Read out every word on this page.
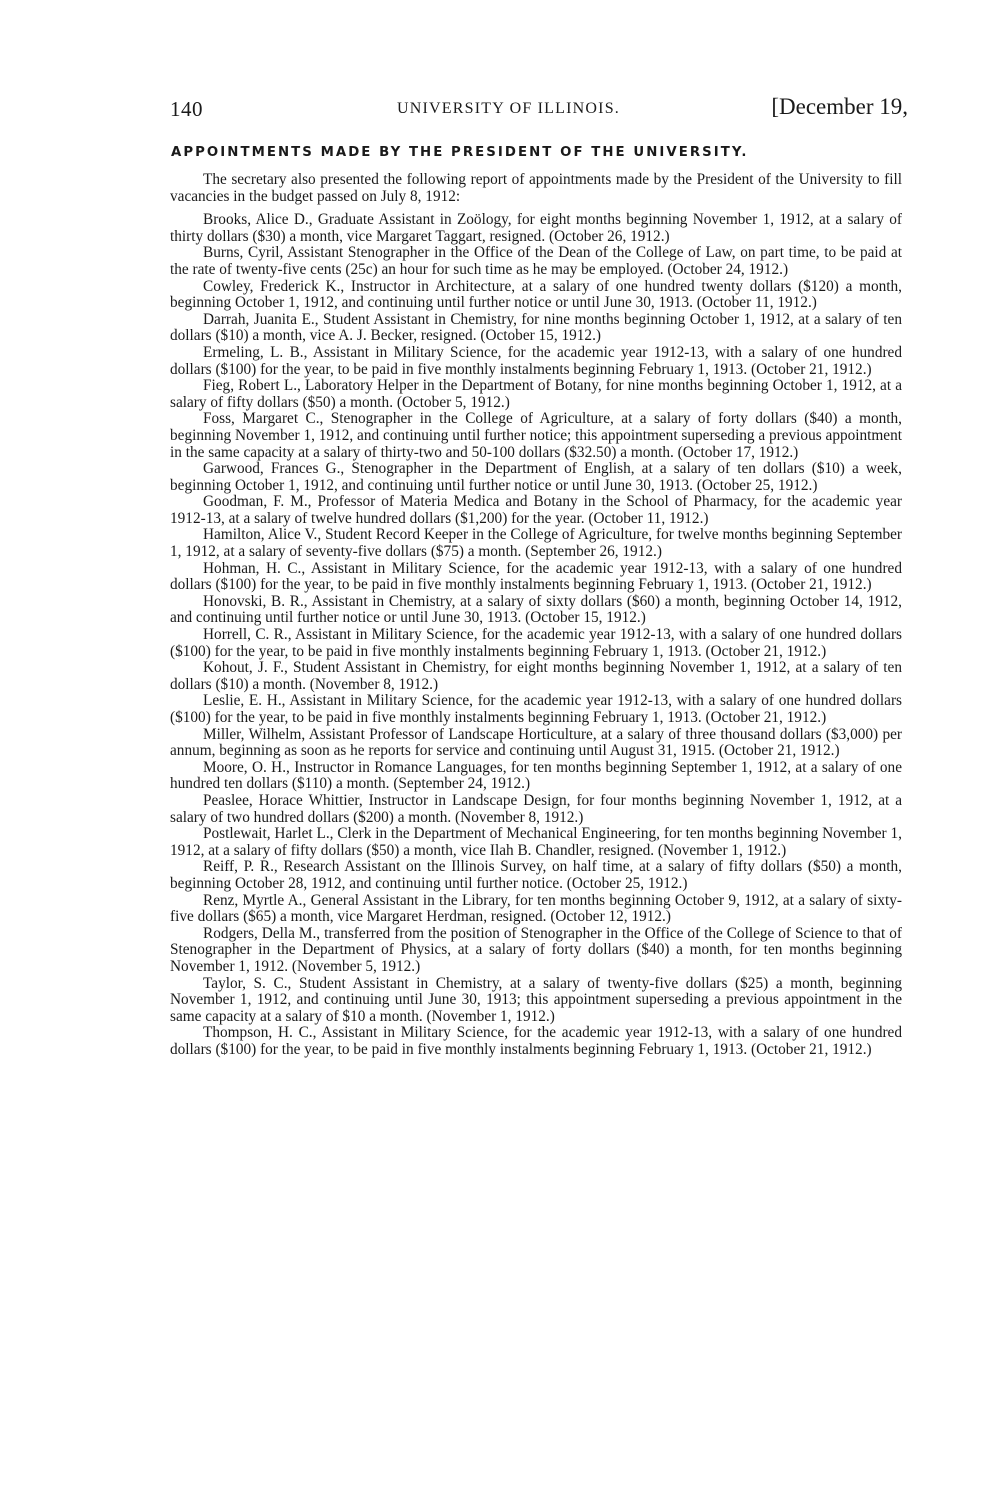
140	UNIVERSITY OF ILLINOIS.	[December 19,
APPOINTMENTS MADE BY THE PRESIDENT OF THE UNIVERSITY.

The secretary also presented the following report of appointments made by the President of the University to fill vacancies in the budget passed on July 8, 1912:

Brooks, Alice D., Graduate Assistant in Zoölogy, for eight months beginning November 1, 1912, at a salary of thirty dollars ($30) a month, vice Margaret Taggart, resigned. (October 26, 1912.)

Burns, Cyril, Assistant Stenographer in the Office of the Dean of the College of Law, on part time, to be paid at the rate of twenty-five cents (25c) an hour for such time as he may be employed. (October 24, 1912.)

Cowley, Frederick K., Instructor in Architecture, at a salary of one hundred twenty dollars ($120) a month, beginning October 1, 1912, and continuing until further notice or until June 30, 1913. (October 11, 1912.)

Darrah, Juanita E., Student Assistant in Chemistry, for nine months beginning October 1, 1912, at a salary of ten dollars ($10) a month, vice A. J. Becker, resigned. (October 15, 1912.)

Ermeling, L. B., Assistant in Military Science, for the academic year 1912-13, with a salary of one hundred dollars ($100) for the year, to be paid in five monthly instalments beginning February 1, 1913. (October 21, 1912.)

Fieg, Robert L., Laboratory Helper in the Department of Botany, for nine months beginning October 1, 1912, at a salary of fifty dollars ($50) a month. (October 5, 1912.)

Foss, Margaret C., Stenographer in the College of Agriculture, at a salary of forty dollars ($40) a month, beginning November 1, 1912, and continuing until further notice; this appointment superseding a previous appointment in the same capacity at a salary of thirty-two and 50-100 dollars ($32.50) a month. (October 17, 1912.)

Garwood, Frances G., Stenographer in the Department of English, at a salary of ten dollars ($10) a week, beginning October 1, 1912, and continuing until further notice or until June 30, 1913. (October 25, 1912.)

Goodman, F. M., Professor of Materia Medica and Botany in the School of Pharmacy, for the academic year 1912-13, at a salary of twelve hundred dollars ($1,200) for the year. (October 11, 1912.)

Hamilton, Alice V., Student Record Keeper in the College of Agriculture, for twelve months beginning September 1, 1912, at a salary of seventy-five dollars ($75) a month. (September 26, 1912.)

Hohman, H. C., Assistant in Military Science, for the academic year 1912-13, with a salary of one hundred dollars ($100) for the year, to be paid in five monthly instalments beginning February 1, 1913. (October 21, 1912.)

Honovski, B. R., Assistant in Chemistry, at a salary of sixty dollars ($60) a month, beginning October 14, 1912, and continuing until further notice or until June 30, 1913. (October 15, 1912.)

Horrell, C. R., Assistant in Military Science, for the academic year 1912-13, with a salary of one hundred dollars ($100) for the year, to be paid in five monthly instalments beginning February 1, 1913. (October 21, 1912.)

Kohout, J. F., Student Assistant in Chemistry, for eight months beginning November 1, 1912, at a salary of ten dollars ($10) a month. (November 8, 1912.)

Leslie, E. H., Assistant in Military Science, for the academic year 1912-13, with a salary of one hundred dollars ($100) for the year, to be paid in five monthly instalments beginning February 1, 1913. (October 21, 1912.)

Miller, Wilhelm, Assistant Professor of Landscape Horticulture, at a salary of three thousand dollars ($3,000) per annum, beginning as soon as he reports for service and continuing until August 31, 1915. (October 21, 1912.)

Moore, O. H., Instructor in Romance Languages, for ten months beginning September 1, 1912, at a salary of one hundred ten dollars ($110) a month. (September 24, 1912.)

Peaslee, Horace Whittier, Instructor in Landscape Design, for four months beginning November 1, 1912, at a salary of two hundred dollars ($200) a month. (November 8, 1912.)

Postlewait, Harlet L., Clerk in the Department of Mechanical Engineering, for ten months beginning November 1, 1912, at a salary of fifty dollars ($50) a month, vice Ilah B. Chandler, resigned. (November 1, 1912.)

Reiff, P. R., Research Assistant on the Illinois Survey, on half time, at a salary of fifty dollars ($50) a month, beginning October 28, 1912, and continuing until further notice. (October 25, 1912.)

Renz, Myrtle A., General Assistant in the Library, for ten months beginning October 9, 1912, at a salary of sixty-five dollars ($65) a month, vice Margaret Herdman, resigned. (October 12, 1912.)

Rodgers, Della M., transferred from the position of Stenographer in the Office of the College of Science to that of Stenographer in the Department of Physics, at a salary of forty dollars ($40) a month, for ten months beginning November 1, 1912. (November 5, 1912.)

Taylor, S. C., Student Assistant in Chemistry, at a salary of twenty-five dollars ($25) a month, beginning November 1, 1912, and continuing until June 30, 1913; this appointment superseding a previous appointment in the same capacity at a salary of $10 a month. (November 1, 1912.)

Thompson, H. C., Assistant in Military Science, for the academic year 1912-13, with a salary of one hundred dollars ($100) for the year, to be paid in five monthly instalments beginning February 1, 1913. (October 21, 1912.)
